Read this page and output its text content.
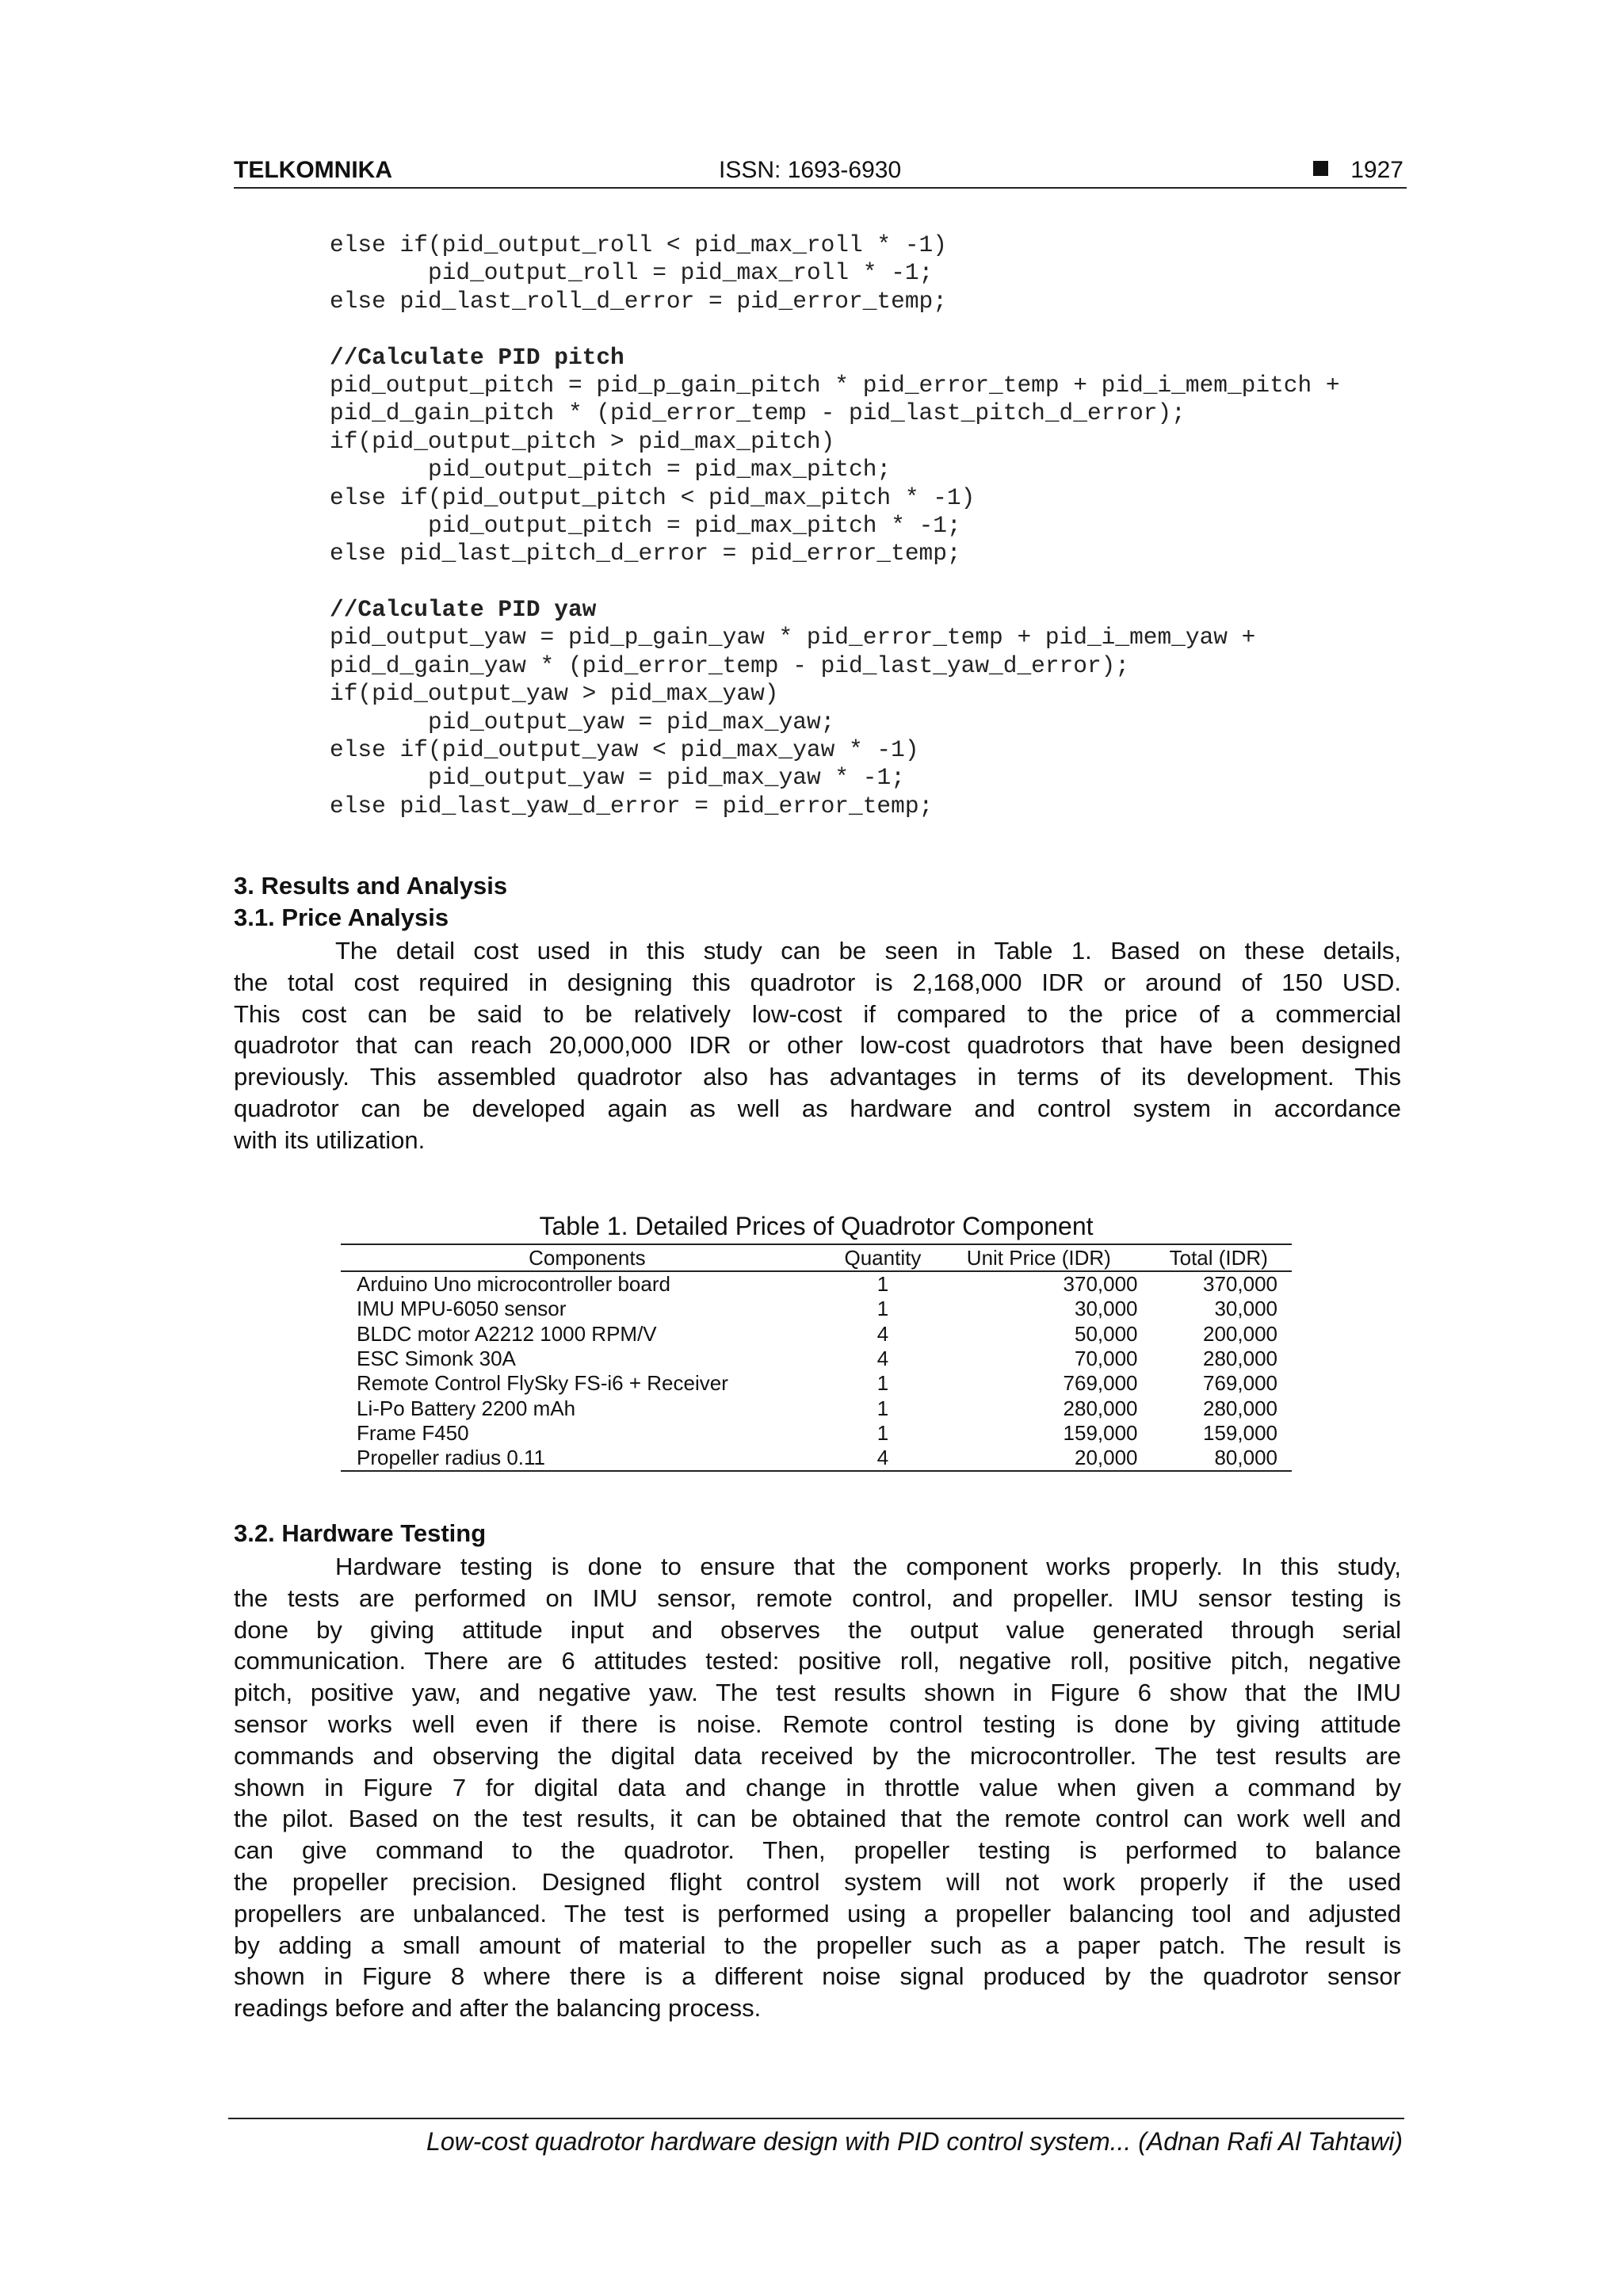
TELKOMNIKA	ISSN: 1693-6930	1927
else if(pid_output_roll < pid_max_roll * -1)
pid_output_roll = pid_max_roll * -1;
else pid_last_roll_d_error = pid_error_temp;
//Calculate PID pitch
pid_output_pitch = pid_p_gain_pitch * pid_error_temp + pid_i_mem_pitch +
pid_d_gain_pitch * (pid_error_temp - pid_last_pitch_d_error);
if(pid_output_pitch > pid_max_pitch)
pid_output_pitch = pid_max_pitch;
else if(pid_output_pitch < pid_max_pitch * -1)
pid_output_pitch = pid_max_pitch * -1;
else pid_last_pitch_d_error = pid_error_temp;
//Calculate PID yaw
pid_output_yaw = pid_p_gain_yaw * pid_error_temp + pid_i_mem_yaw +
pid_d_gain_yaw * (pid_error_temp - pid_last_yaw_d_error);
if(pid_output_yaw > pid_max_yaw)
pid_output_yaw = pid_max_yaw;
else if(pid_output_yaw < pid_max_yaw * -1)
pid_output_yaw = pid_max_yaw * -1;
else pid_last_yaw_d_error = pid_error_temp;
3. Results and Analysis
3.1. Price Analysis
The detail cost used in this study can be seen in Table 1. Based on these details,
the total cost required in designing this quadrotor is 2,168,000 IDR or around of 150 USD.
This cost can be said to be relatively low-cost if compared to the price of a commercial
quadrotor that can reach 20,000,000 IDR or other low-cost quadrotors that have been designed
previously. This assembled quadrotor also has advantages in terms of its development. This
quadrotor can be developed again as well as hardware and control system in accordance
with its utilization.
Table 1. Detailed Prices of Quadrotor Component
Components	Quantity	Unit Price (IDR)	Total (IDR)
Arduino Uno microcontroller board	1	370,000	370,000
IMU MPU-6050 sensor	1	30,000	30,000
BLDC motor A2212 1000 RPM/V	4	50,000	200,000
ESC Simonk 30A	4	70,000	280,000
Remote Control FlySky FS-i6 + Receiver	1	769,000	769,000
Li-Po Battery 2200 mAh	1	280,000	280,000
Frame F450	1	159,000	159,000
Propeller radius 0.11	4	20,000	80,000
3.2. Hardware Testing
Hardware testing is done to ensure that the component works properly. In this study,
the tests are performed on IMU sensor, remote control, and propeller. IMU sensor testing is
done by giving attitude input and observes the output value generated through serial
communication. There are 6 attitudes tested: positive roll, negative roll, positive pitch, negative
pitch, positive yaw, and negative yaw. The test results shown in Figure 6 show that the IMU
sensor works well even if there is noise. Remote control testing is done by giving attitude
commands and observing the digital data received by the microcontroller. The test results are
shown in Figure 7 for digital data and change in throttle value when given a command by
the pilot. Based on the test results, it can be obtained that the remote control can work well and
can give command to the quadrotor. Then, propeller testing is performed to balance
the propeller precision. Designed flight control system will not work properly if the used
propellers are unbalanced. The test is performed using a propeller balancing tool and adjusted
by adding a small amount of material to the propeller such as a paper patch. The result is
shown in Figure 8 where there is a different noise signal produced by the quadrotor sensor
readings before and after the balancing process.
Low-cost quadrotor hardware design with PID control system... (Adnan Rafi Al Tahtawi)
